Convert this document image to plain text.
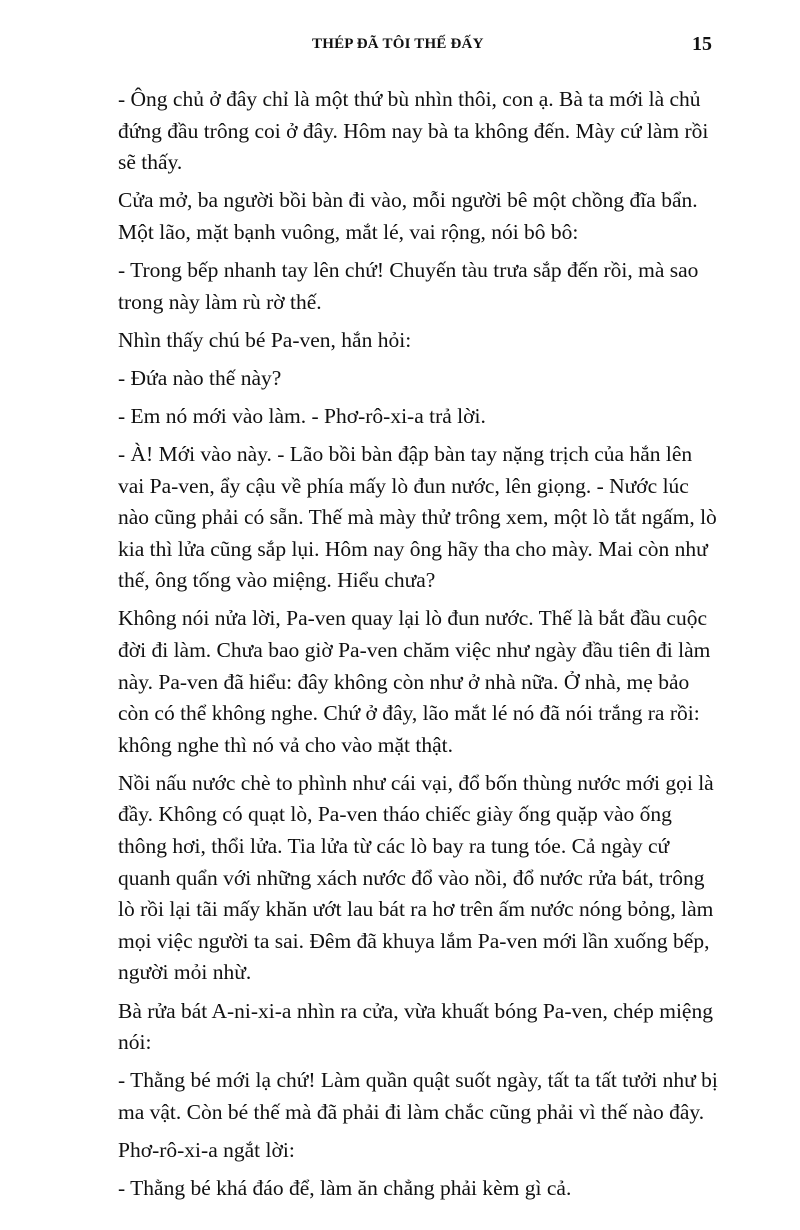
THÉP ĐÃ TÔI THẾ ĐẤY	15

- Ông chủ ở đây chỉ là một thứ bù nhìn thôi, con ạ. Bà ta mới là chủ đứng đầu trông coi ở đây. Hôm nay bà ta không đến. Mày cứ làm rồi sẽ thấy.

Cửa mở, ba người bồi bàn đi vào, mỗi người bê một chồng đĩa bẩn. Một lão, mặt bạnh vuông, mắt lé, vai rộng, nói bô bô:

- Trong bếp nhanh tay lên chứ! Chuyến tàu trưa sắp đến rồi, mà sao trong này làm rù rờ thế.

Nhìn thấy chú bé Pa-ven, hắn hỏi:

- Đứa nào thế này?

- Em nó mới vào làm. - Phơ-rô-xi-a trả lời.

- À! Mới vào này. - Lão bồi bàn đập bàn tay nặng trịch của hắn lên vai Pa-ven, ẩy cậu về phía mấy lò đun nước, lên giọng. - Nước lúc nào cũng phải có sẵn. Thế mà mày thử trông xem, một lò tắt ngấm, lò kia thì lửa cũng sắp lụi. Hôm nay ông hãy tha cho mày. Mai còn như thế, ông tống vào miệng. Hiểu chưa?

Không nói nửa lời, Pa-ven quay lại lò đun nước. Thế là bắt đầu cuộc đời đi làm. Chưa bao giờ Pa-ven chăm việc như ngày đầu tiên đi làm này. Pa-ven đã hiểu: đây không còn như ở nhà nữa. Ở nhà, mẹ bảo còn có thể không nghe. Chứ ở đây, lão mắt lé nó đã nói trắng ra rồi: không nghe thì nó vả cho vào mặt thật.

Nồi nấu nước chè to phình như cái vại, đổ bốn thùng nước mới gọi là đầy. Không có quạt lò, Pa-ven tháo chiếc giày ống quặp vào ống thông hơi, thổi lửa. Tia lửa từ các lò bay ra tung tóe. Cả ngày cứ quanh quẩn với những xách nước đổ vào nồi, đổ nước rửa bát, trông lò rồi lại tãi mấy khăn ướt lau bát ra hơ trên ấm nước nóng bỏng, làm mọi việc người ta sai. Đêm đã khuya lắm Pa-ven mới lần xuống bếp, người mỏi nhừ.

Bà rửa bát A-ni-xi-a nhìn ra cửa, vừa khuất bóng Pa-ven, chép miệng nói:

- Thằng bé mới lạ chứ! Làm quần quật suốt ngày, tất ta tất tưởi như bị ma vật. Còn bé thế mà đã phải đi làm chắc cũng phải vì thế nào đây.

Phơ-rô-xi-a ngắt lời:

- Thằng bé khá đáo để, làm ăn chẳng phải kèm gì cả.
